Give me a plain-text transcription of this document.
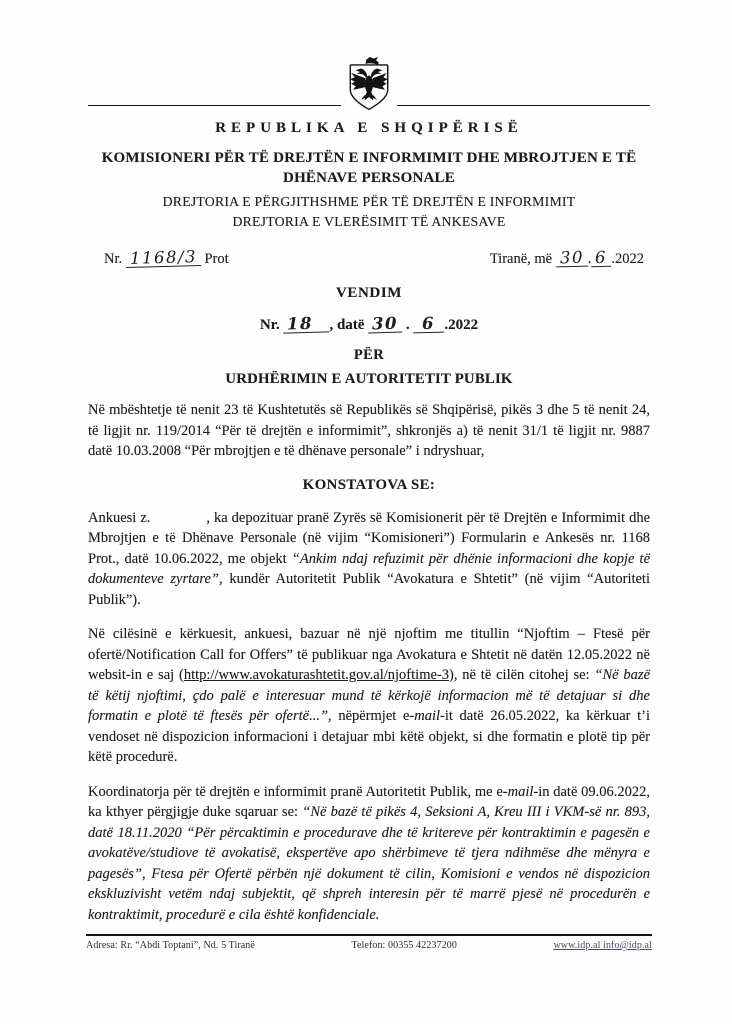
REPUBLIKA E SHQIPËRISË
KOMISIONERI PËR TË DREJTËN E INFORMIMIT DHE MBROJTJEN E TË
DHËNAVE PERSONALE
DREJTORIA E PËRGJITHSHME PËR TË DREJTËN E INFORMIMIT
DREJTORIA E VLERËSIMIT TË ANKESAVE
Nr. 1168/3 Prot	Tiranë, më 30 . 6 .2022
VENDIM
Nr. 18 , datë 30 . 6 .2022
PËR
URDHËRIMIN E AUTORITETIT PUBLIK

Në mbështetje të nenit 23 të Kushtetutës së Republikës së Shqipërisë, pikës 3 dhe 5 të nenit 24, të ligjit nr. 119/2014 “Për të drejtën e informimit”, shkronjës a) të nenit 31/1 të ligjit nr. 9887 datë 10.03.2008 “Për mbrojtjen e të dhënave personale” i ndryshuar,

KONSTATOVA SE:

Ankuesi z.	, ka depozituar pranë Zyrës së Komisionerit për të Drejtën e Informimit dhe Mbrojtjen e të Dhënave Personale (në vijim “Komisioneri”) Formularin e Ankesës nr. 1168 Prot., datë 10.06.2022, me objekt “Ankim ndaj refuzimit për dhënie informacioni dhe kopje të dokumenteve zyrtare”, kundër Autoritetit Publik “Avokatura e Shtetit” (në vijim “Autoriteti Publik”).

Në cilësinë e kërkuesit, ankuesi, bazuar në një njoftim me titullin “Njoftim – Ftesë për ofertë/Notification Call for Offers” të publikuar nga Avokatura e Shtetit në datën 12.05.2022 në websit-in e saj (http://www.avokaturashtetit.gov.al/njoftime-3), në të cilën citohej se: “Në bazë të këtij njoftimi, çdo palë e interesuar mund të kërkojë informacion më të detajuar si dhe formatin e plotë të ftesës për ofertë...”, nëpërmjet e-mail-it datë 26.05.2022, ka kërkuar t’i vendoset në dispozicion informacioni i detajuar mbi këtë objekt, si dhe formatin e plotë tip për këtë procedurë.

Koordinatorja për të drejtën e informimit pranë Autoritetit Publik, me e-mail-in datë 09.06.2022, ka kthyer përgjigje duke sqaruar se: “Në bazë të pikës 4, Seksioni A, Kreu III i VKM-së nr. 893, datë 18.11.2020 “Për përcaktimin e procedurave dhe të kritereve për kontraktimin e pagesën e avokatëve/studiove të avokatisë, ekspertëve apo shërbimeve të tjera ndihmëse dhe mënyra e pagesës”, Ftesa për Ofertë përbën një dokument të cilin, Komisioni e vendos në dispozicion ekskluzivisht vetëm ndaj subjektit, që shpreh interesin për të marrë pjesë në procedurën e kontraktimit, procedurë e cila është konfidenciale.

Adresa: Rr. “Abdi Toptani”, Nd. 5 Tiranë	Telefon: 00355 42237200	www.idp.al info@idp.al
